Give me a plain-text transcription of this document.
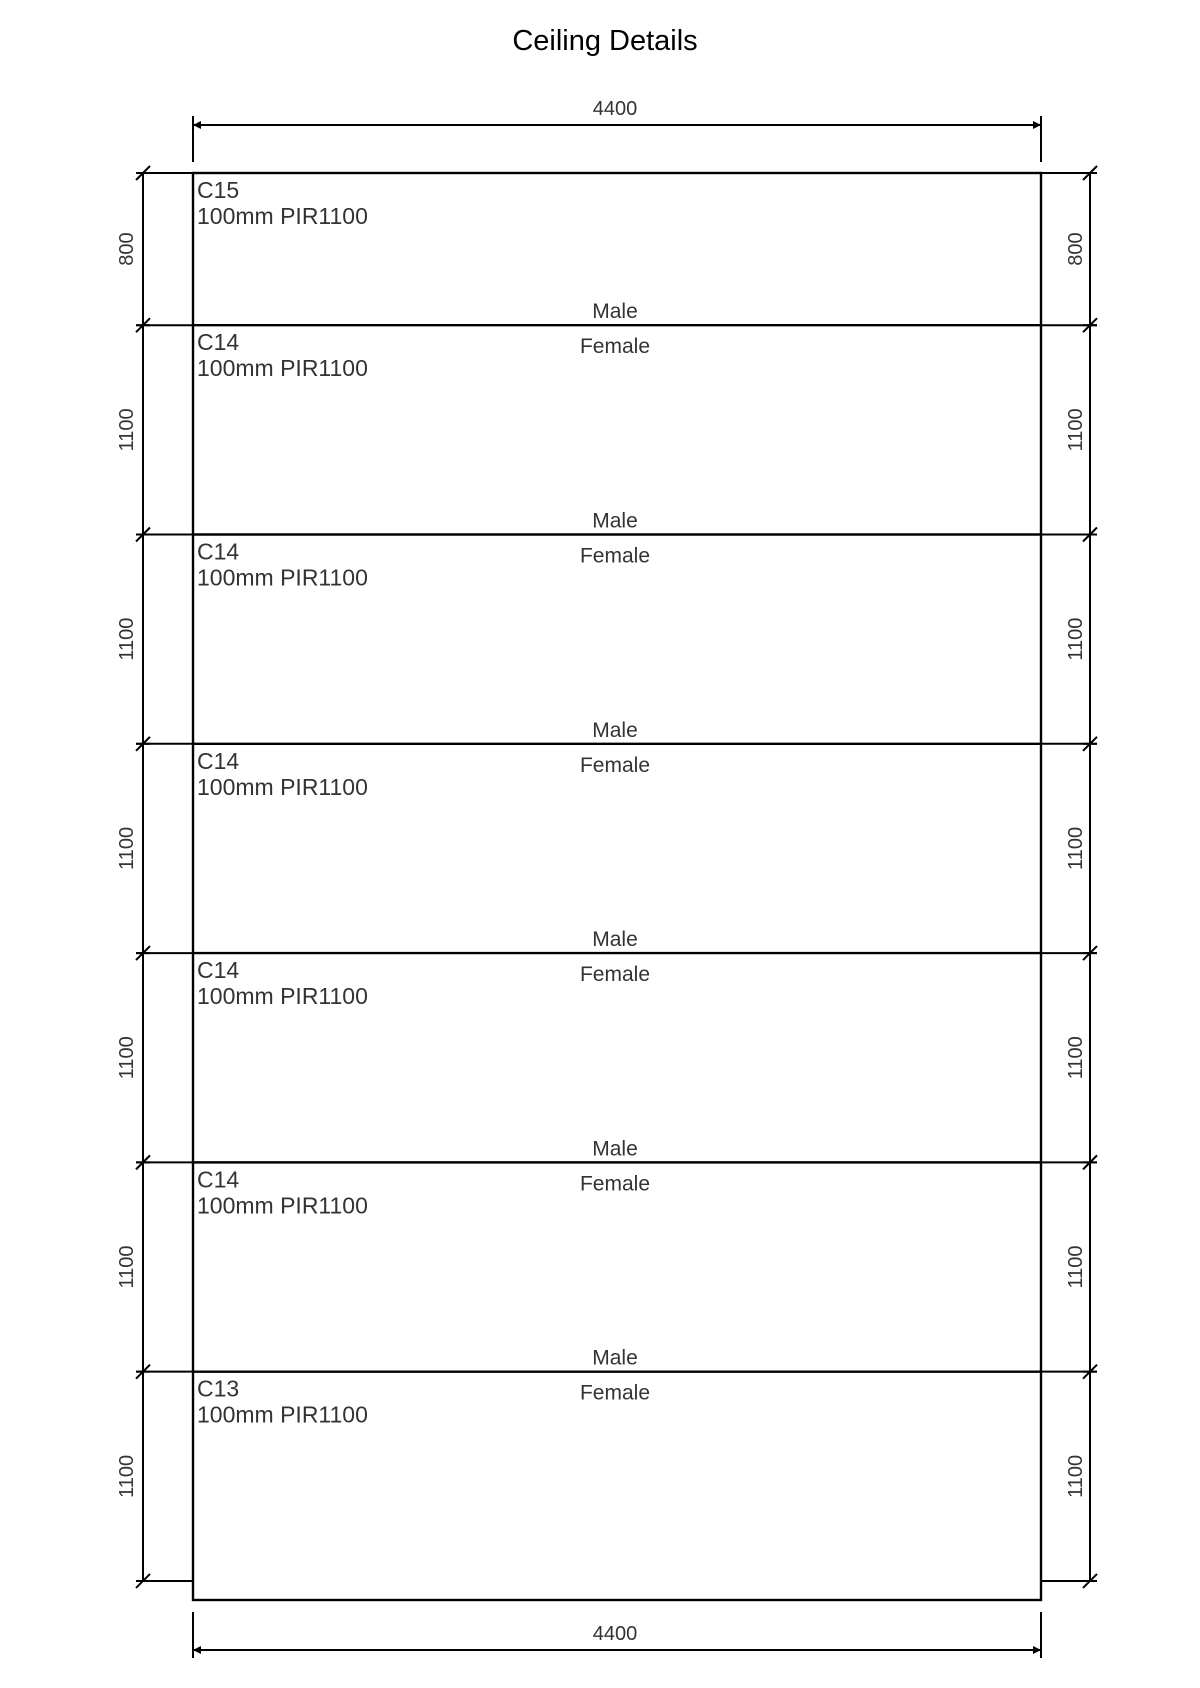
Ceiling Details
4400
4400
C15
100mm PIR1100
Male
C14
100mm PIR1100
Female
Male
C14
100mm PIR1100
Female
Male
C14
100mm PIR1100
Female
Male
C14
100mm PIR1100
Female
Male
C14
100mm PIR1100
Female
Male
C13
100mm PIR1100
Female
800
1100
1100
1100
1100
1100
1100
800
1100
1100
1100
1100
1100
1100
